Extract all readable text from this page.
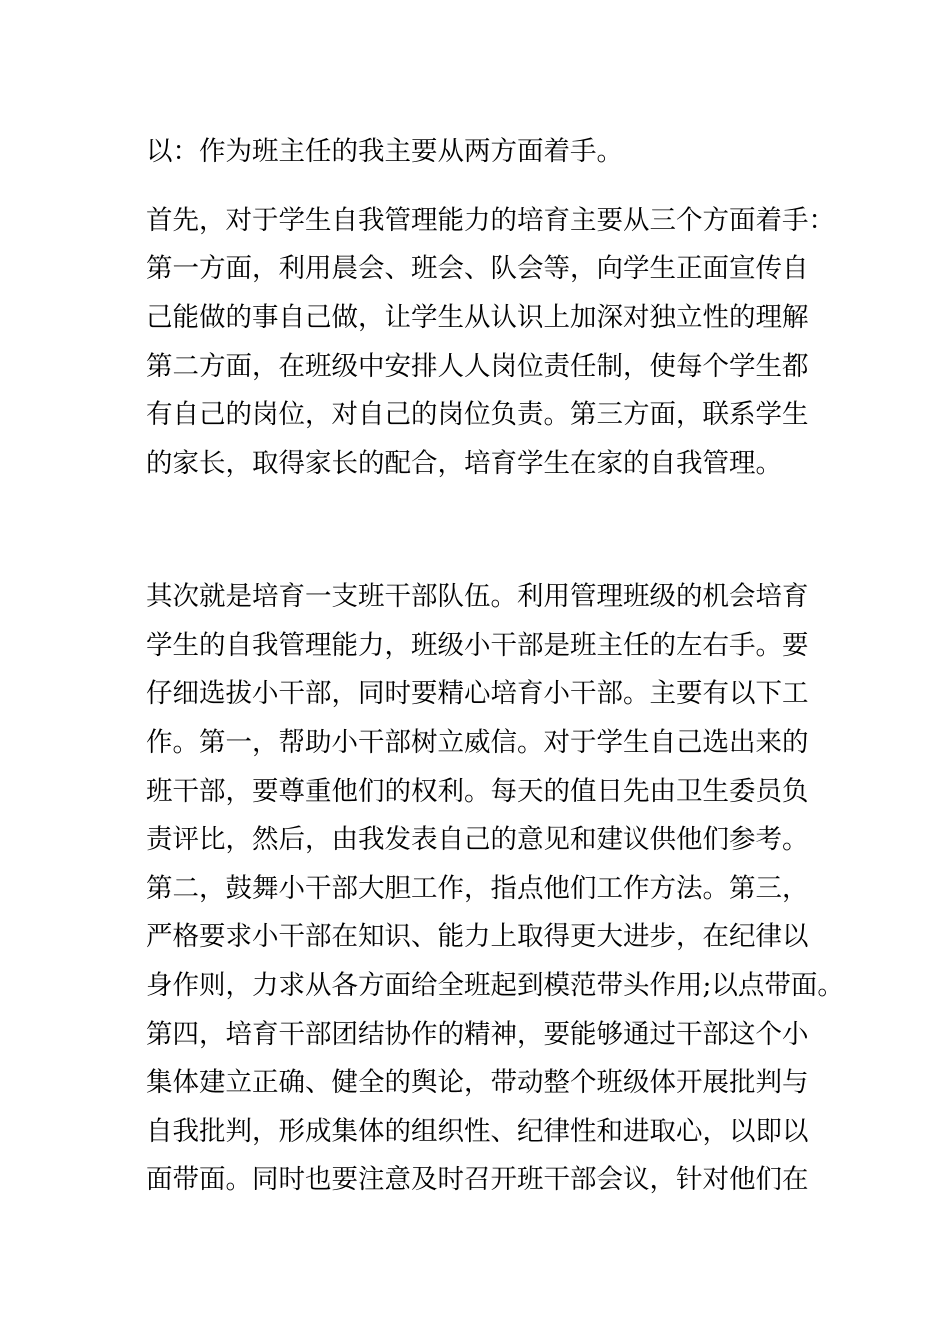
以：作为班主任的我主要从两方面着手。
首先，对于学生自我管理能力的培育主要从三个方面着手：
第一方面，利用晨会、班会、队会等，向学生正面宣传自
己能做的事自己做，让学生从认识上加深对独立性的理解
第二方面，在班级中安排人人岗位责任制，使每个学生都
有自己的岗位，对自己的岗位负责。第三方面，联系学生
的家长，取得家长的配合，培育学生在家的自我管理。
其次就是培育一支班干部队伍。利用管理班级的机会培育
学生的自我管理能力，班级小干部是班主任的左右手。要
仔细选拔小干部，同时要精心培育小干部。主要有以下工
作。第一，帮助小干部树立威信。对于学生自己选出来的
班干部，要尊重他们的权利。每天的值日先由卫生委员负
责评比，然后，由我发表自己的意见和建议供他们参考。
第二，鼓舞小干部大胆工作，指点他们工作方法。第三，
严格要求小干部在知识、能力上取得更大进步，在纪律以
身作则，力求从各方面给全班起到模范带头作用;以点带面。
第四，培育干部团结协作的精神，要能够通过干部这个小
集体建立正确、健全的舆论，带动整个班级体开展批判与
自我批判，形成集体的组织性、纪律性和进取心，以即以
面带面。同时也要注意及时召开班干部会议，针对他们在
